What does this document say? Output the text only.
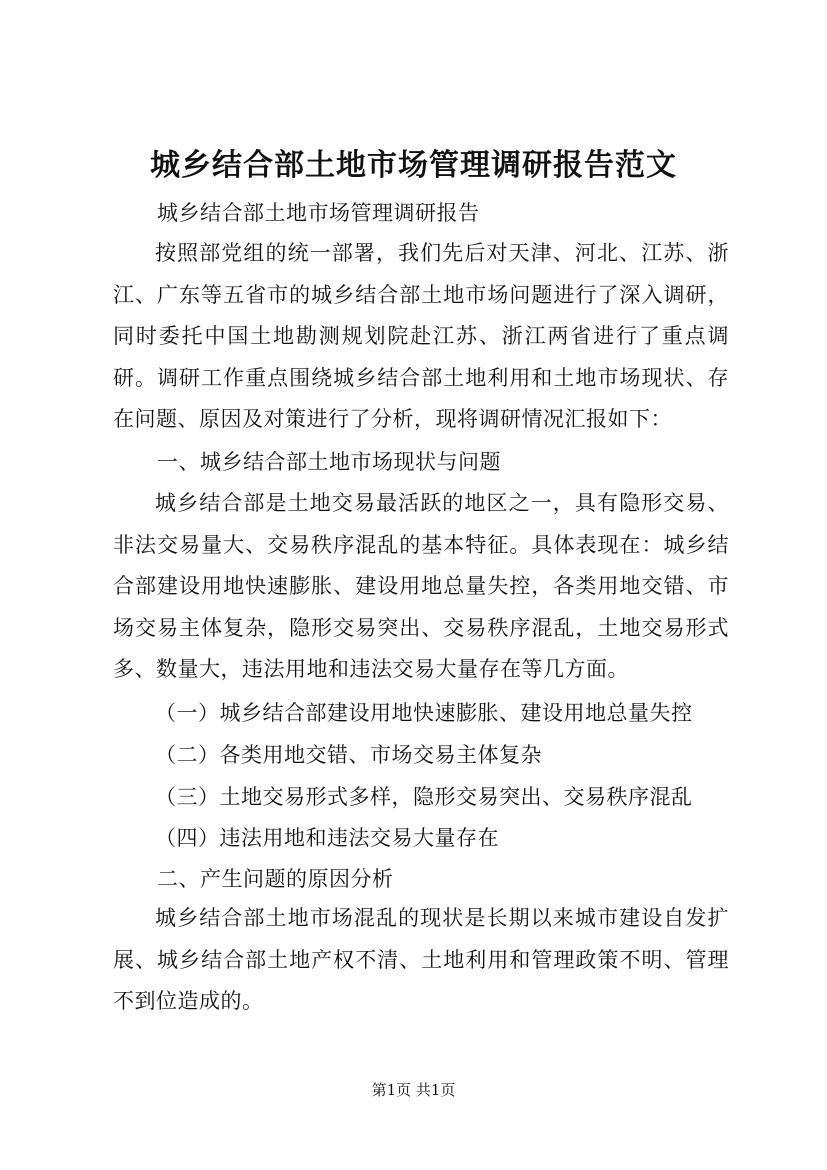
城乡结合部土地市场管理调研报告范文
城乡结合部土地市场管理调研报告
按照部党组的统一部署，我们先后对天津、河北、江苏、浙江、广东等五省市的城乡结合部土地市场问题进行了深入调研，同时委托中国土地勘测规划院赴江苏、浙江两省进行了重点调研。调研工作重点围绕城乡结合部土地利用和土地市场现状、存在问题、原因及对策进行了分析，现将调研情况汇报如下：
一、城乡结合部土地市场现状与问题
城乡结合部是土地交易最活跃的地区之一，具有隐形交易、非法交易量大、交易秩序混乱的基本特征。具体表现在：城乡结合部建设用地快速膨胀、建设用地总量失控，各类用地交错、市场交易主体复杂，隐形交易突出、交易秩序混乱，土地交易形式多、数量大，违法用地和违法交易大量存在等几方面。
（一）城乡结合部建设用地快速膨胀、建设用地总量失控
（二）各类用地交错、市场交易主体复杂
（三）土地交易形式多样，隐形交易突出、交易秩序混乱
（四）违法用地和违法交易大量存在
二、产生问题的原因分析
城乡结合部土地市场混乱的现状是长期以来城市建设自发扩展、城乡结合部土地产权不清、土地利用和管理政策不明、管理不到位造成的。
第1页 共1页
